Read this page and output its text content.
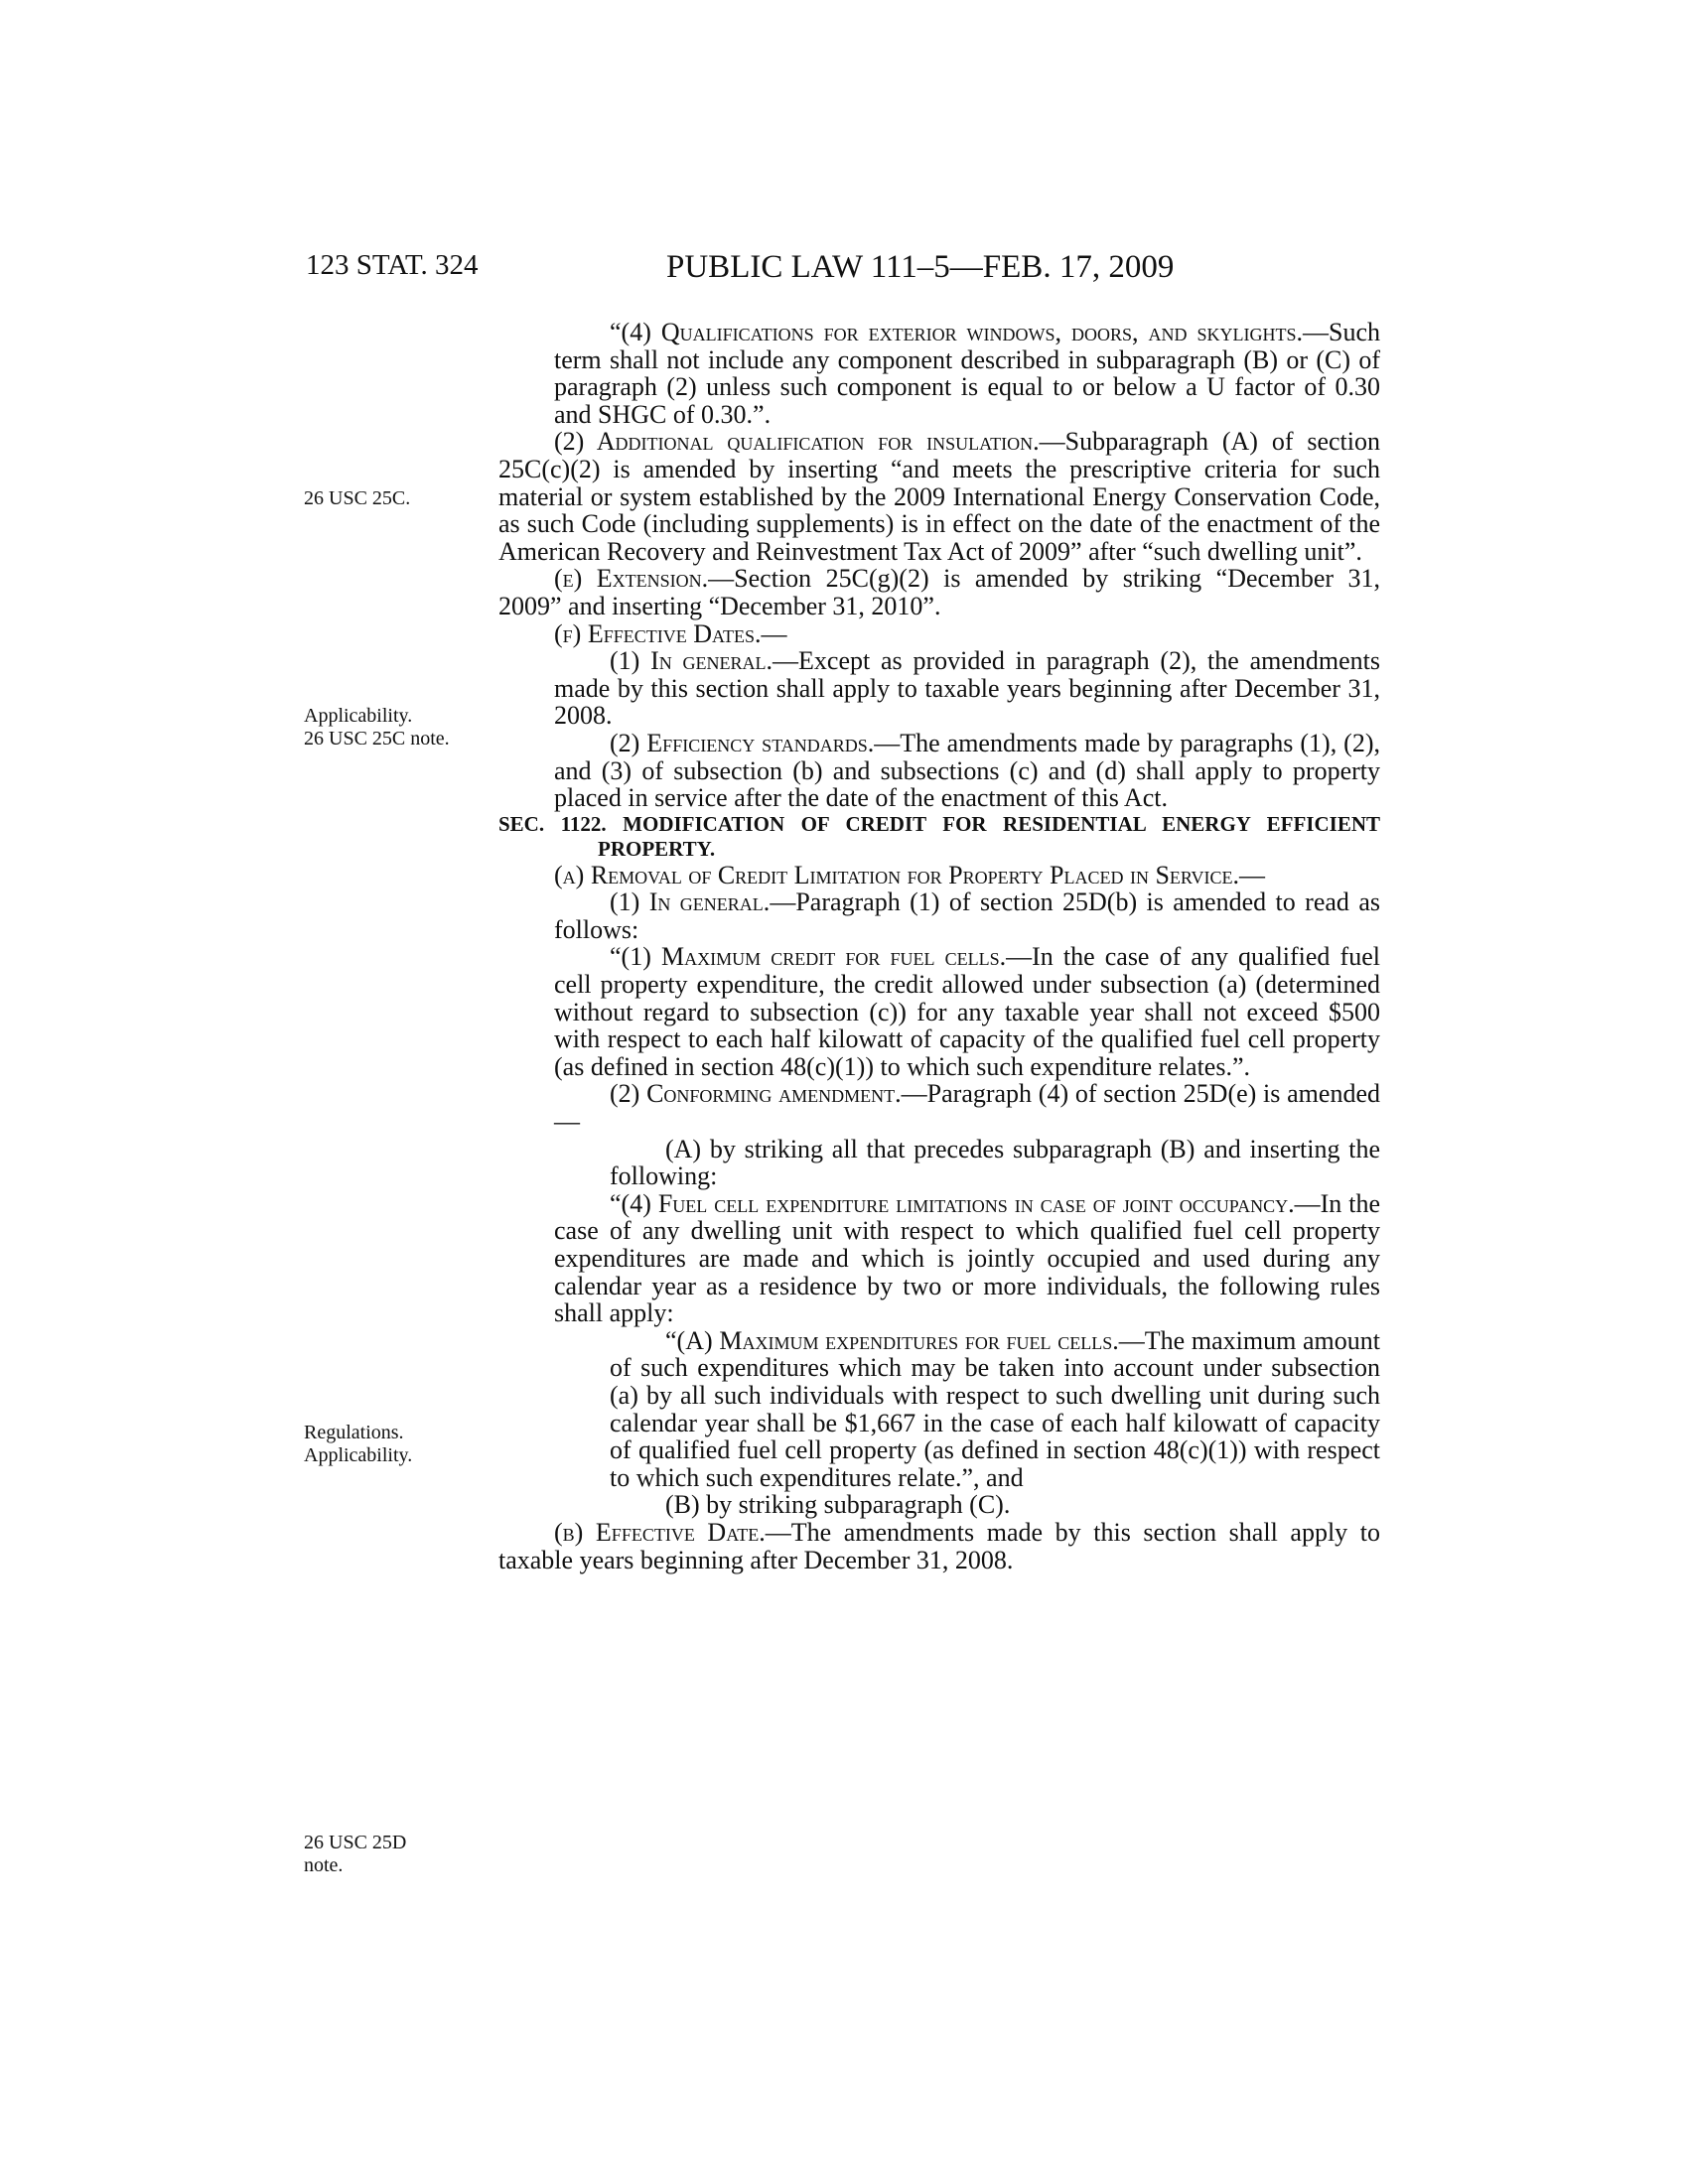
123 STAT. 324	PUBLIC LAW 111–5—FEB. 17, 2009
26 USC 25C.
Applicability.
26 USC 25C note.
Regulations.
Applicability.
26 USC 25D
note.

“(4) Qualifications for exterior windows, doors, and skylights.—Such term shall not include any component described in subparagraph (B) or (C) of paragraph (2) unless such component is equal to or below a U factor of 0.30 and SHGC of 0.30.”.

(2) Additional qualification for insulation.—Subparagraph (A) of section 25C(c)(2) is amended by inserting “and meets the prescriptive criteria for such material or system established by the 2009 International Energy Conservation Code, as such Code (including supplements) is in effect on the date of the enactment of the American Recovery and Reinvestment Tax Act of 2009” after “such dwelling unit”.

(e) Extension.—Section 25C(g)(2) is amended by striking “December 31, 2009” and inserting “December 31, 2010”.

(f) Effective Dates.—

(1) In general.—Except as provided in paragraph (2), the amendments made by this section shall apply to taxable years beginning after December 31, 2008.

(2) Efficiency standards.—The amendments made by paragraphs (1), (2), and (3) of subsection (b) and subsections (c) and (d) shall apply to property placed in service after the date of the enactment of this Act.

SEC. 1122. MODIFICATION OF CREDIT FOR RESIDENTIAL ENERGY EFFICIENT PROPERTY.

(a) Removal of Credit Limitation for Property Placed in Service.—

(1) In general.—Paragraph (1) of section 25D(b) is amended to read as follows:

“(1) Maximum credit for fuel cells.—In the case of any qualified fuel cell property expenditure, the credit allowed under subsection (a) (determined without regard to subsection (c)) for any taxable year shall not exceed $500 with respect to each half kilowatt of capacity of the qualified fuel cell property (as defined in section 48(c)(1)) to which such expenditure relates.”.

(2) Conforming amendment.—Paragraph (4) of section 25D(e) is amended—

(A) by striking all that precedes subparagraph (B) and inserting the following:

“(4) Fuel cell expenditure limitations in case of joint occupancy.—In the case of any dwelling unit with respect to which qualified fuel cell property expenditures are made and which is jointly occupied and used during any calendar year as a residence by two or more individuals, the following rules shall apply:

“(A) Maximum expenditures for fuel cells.—The maximum amount of such expenditures which may be taken into account under subsection (a) by all such individuals with respect to such dwelling unit during such calendar year shall be $1,667 in the case of each half kilowatt of capacity of qualified fuel cell property (as defined in section 48(c)(1)) with respect to which such expenditures relate.”, and

(B) by striking subparagraph (C).

(b) Effective Date.—The amendments made by this section shall apply to taxable years beginning after December 31, 2008.
